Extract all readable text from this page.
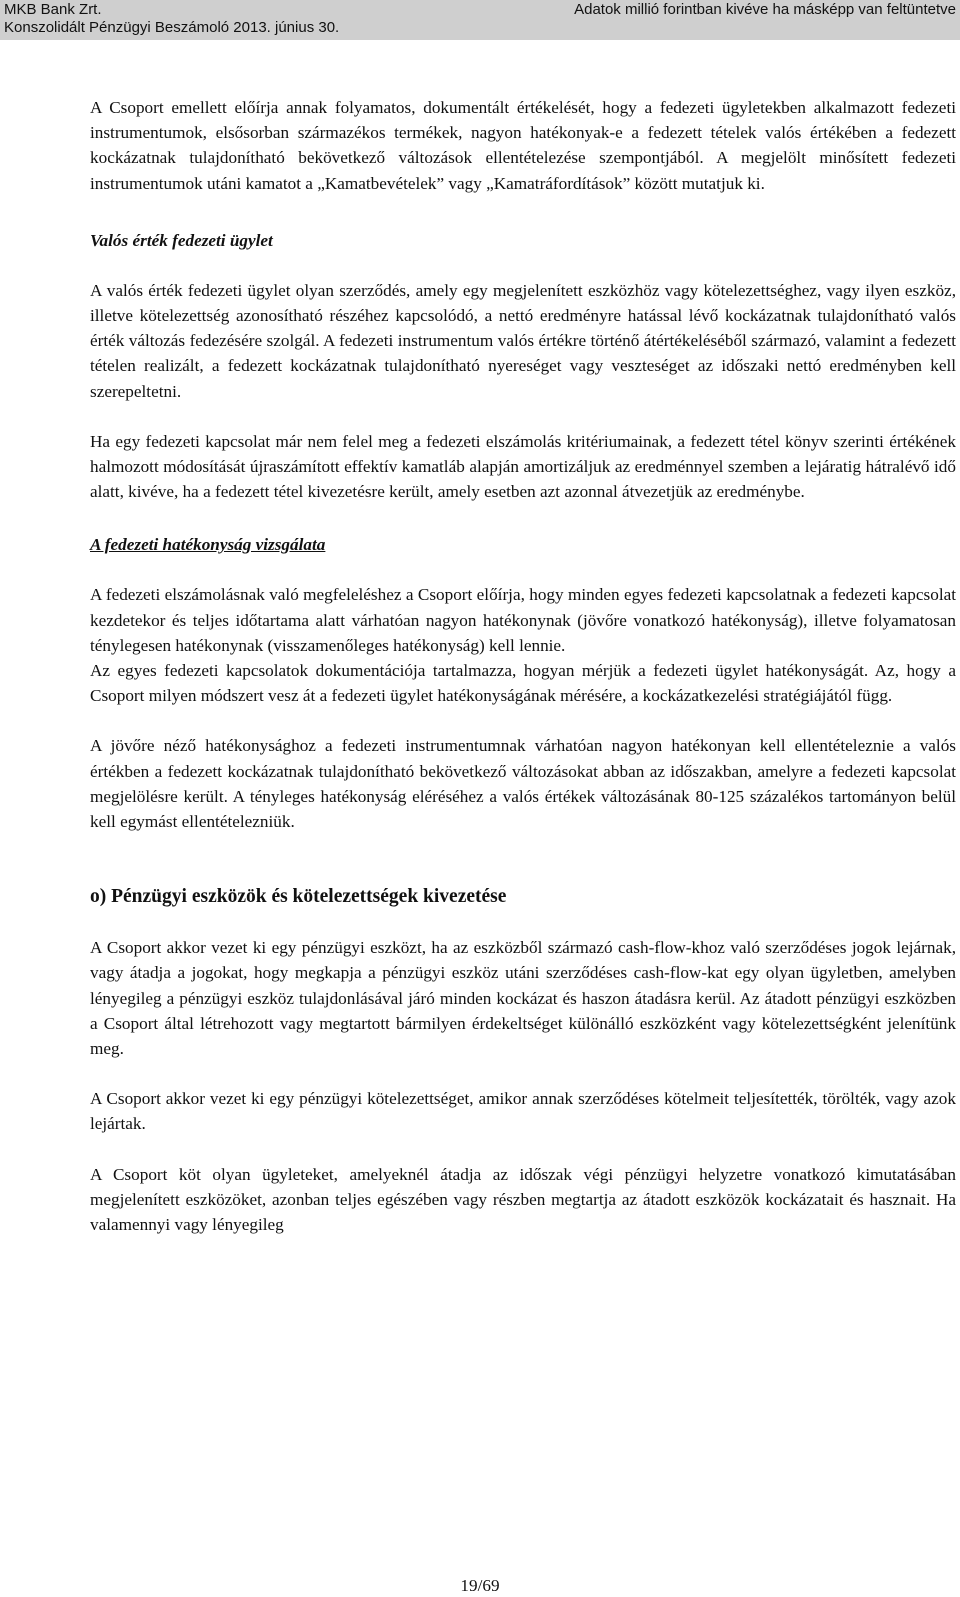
MKB Bank Zrt.
Konszolidált Pénzügyi Beszámoló 2013. június 30.
Adatok millió forintban kivéve ha másképp van feltüntetve

A Csoport emellett előírja annak folyamatos, dokumentált értékelését, hogy a fedezeti ügyletekben alkalmazott fedezeti instrumentumok, elsősorban származékos termékek, nagyon hatékonyak-e a fedezett tételek valós értékében a fedezett kockázatnak tulajdonítható bekövetkező változások ellentételezése szempontjából. A megjelölt minősített fedezeti instrumentumok utáni kamatot a „Kamatbevételek” vagy „Kamatráfordítások” között mutatjuk ki.

Valós érték fedezeti ügylet

A valós érték fedezeti ügylet olyan szerződés, amely egy megjelenített eszközhöz vagy kötelezettséghez, vagy ilyen eszköz, illetve kötelezettség azonosítható részéhez kapcsolódó, a nettó eredményre hatással lévő kockázatnak tulajdonítható valós érték változás fedezésére szolgál. A fedezeti instrumentum valós értékre történő átértékeléséből származó, valamint a fedezett tételen realizált, a fedezett kockázatnak tulajdonítható nyereséget vagy veszteséget az időszaki nettó eredményben kell szerepeltetni.

Ha egy fedezeti kapcsolat már nem felel meg a fedezeti elszámolás kritériumainak, a fedezett tétel könyv szerinti értékének halmozott módosítását újraszámított effektív kamatláb alapján amortizáljuk az eredménnyel szemben a lejáratig hátralévő idő alatt, kivéve, ha a fedezett tétel kivezetésre került, amely esetben azt azonnal átvezetjük az eredménybe.

A fedezeti hatékonyság vizsgálata

A fedezeti elszámolásnak való megfeleléshez a Csoport előírja, hogy minden egyes fedezeti kapcsolatnak a fedezeti kapcsolat kezdetekor és teljes időtartama alatt várhatóan nagyon hatékonynak (jövőre vonatkozó hatékonyság), illetve folyamatosan ténylegesen hatékonynak (visszamenőleges hatékonyság) kell lennie.

Az egyes fedezeti kapcsolatok dokumentációja tartalmazza, hogyan mérjük a fedezeti ügylet hatékonyságát. Az, hogy a Csoport milyen módszert vesz át a fedezeti ügylet hatékonyságának mérésére, a kockázatkezelési stratégiájától függ.

A jövőre néző hatékonysághoz a fedezeti instrumentumnak várhatóan nagyon hatékonyan kell ellentételeznie a valós értékben a fedezett kockázatnak tulajdonítható bekövetkező változásokat abban az időszakban, amelyre a fedezeti kapcsolat megjelölésre került. A tényleges hatékonyság eléréséhez a valós értékek változásának 80-125 százalékos tartományon belül kell egymást ellentételezniük.

o) Pénzügyi eszközök és kötelezettségek kivezetése

A Csoport akkor vezet ki egy pénzügyi eszközt, ha az eszközből származó cash-flow-khoz való szerződéses jogok lejárnak, vagy átadja a jogokat, hogy megkapja a pénzügyi eszköz utáni szerződéses cash-flow-kat egy olyan ügyletben, amelyben lényegileg a pénzügyi eszköz tulajdonlásával járó minden kockázat és haszon átadásra kerül. Az átadott pénzügyi eszközben a Csoport által létrehozott vagy megtartott bármilyen érdekeltséget különálló eszközként vagy kötelezettségként jelenítünk meg.

A Csoport akkor vezet ki egy pénzügyi kötelezettséget, amikor annak szerződéses kötelmeit teljesítették, törölték, vagy azok lejártak.

A Csoport köt olyan ügyleteket, amelyeknél átadja az időszak végi pénzügyi helyzetre vonatkozó kimutatásában megjelenített eszközöket, azonban teljes egészében vagy részben megtartja az átadott eszközök kockázatait és hasznait. Ha valamennyi vagy lényegileg

19/69
